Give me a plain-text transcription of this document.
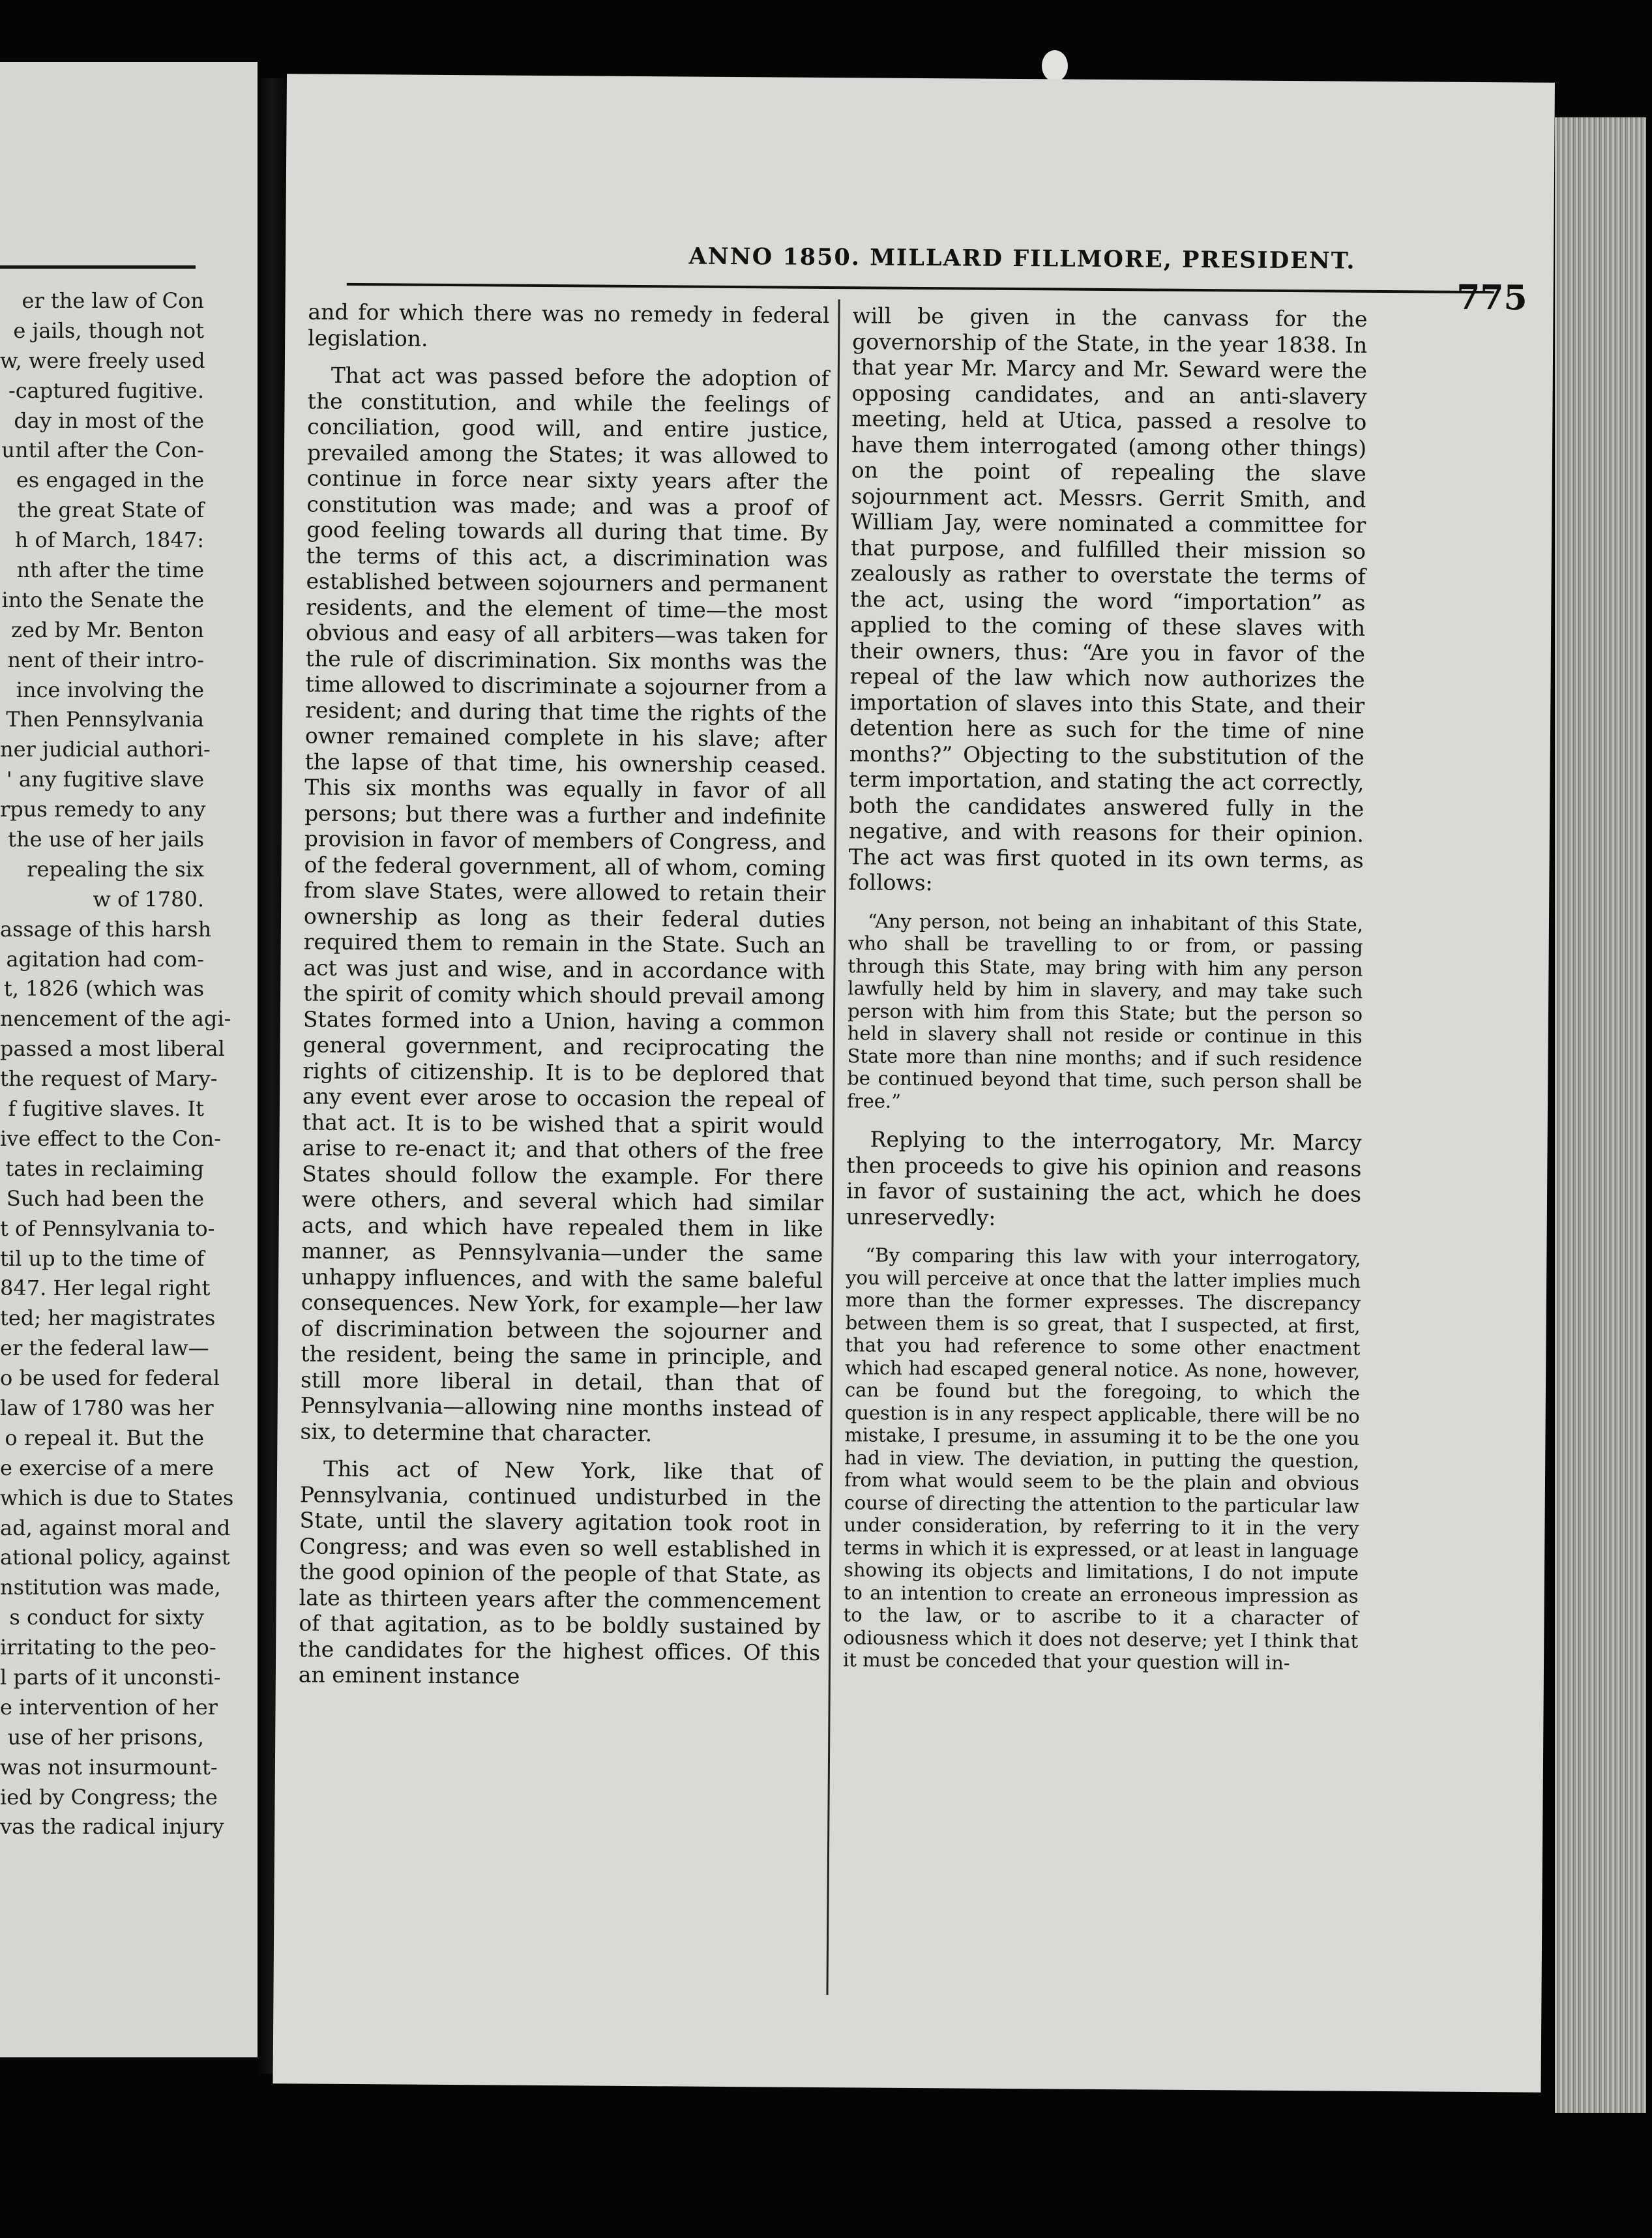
er the law of Con
e jails, though not
w, were freely used
-captured fugitive.
day in most of the
until after the Con-
es engaged in the
the great State of
h of March, 1847:
nth after the time
into the Senate the
zed by Mr. Benton
nent of their intro-
ince involving the
Then Pennsylvania
ner judicial authori-
' any fugitive slave
rpus remedy to any
the use of her jails
repealing the six
w of 1780.
assage of this harsh
agitation had com-
t, 1826 (which was
nencement of the agi-
passed a most liberal
the request of Mary-
f fugitive slaves. It
ive effect to the Con-
tates in reclaiming
Such had been the
t of Pennsylvania to-
til up to the time of
847. Her legal right
ted; her magistrates
er the federal law—
o be used for federal
law of 1780 was her
o repeal it. But the
e exercise of a mere
which is due to States
ad, against moral and
ational policy, against
nstitution was made,
s conduct for sixty
irritating to the peo-
l parts of it unconsti-
e intervention of her
use of her prisons,
was not insurmount-
ied by Congress; the
vas the radical injury
ANNO 1850. MILLARD FILLMORE, PRESIDENT.
775

and for which there was no remedy in federal legislation.

That act was passed before the adoption of the constitution, and while the feelings of conciliation, good will, and entire justice, prevailed among the States; it was allowed to continue in force near sixty years after the constitution was made; and was a proof of good feeling towards all during that time. By the terms of this act, a discrimination was established between sojourners and permanent residents, and the element of time—the most obvious and easy of all arbiters—was taken for the rule of discrimination. Six months was the time allowed to discriminate a sojourner from a resident; and during that time the rights of the owner remained complete in his slave; after the lapse of that time, his ownership ceased. This six months was equally in favor of all persons; but there was a further and indefinite provision in favor of members of Congress, and of the federal government, all of whom, coming from slave States, were allowed to retain their ownership as long as their federal duties required them to remain in the State. Such an act was just and wise, and in accordance with the spirit of comity which should prevail among States formed into a Union, having a common general government, and reciprocating the rights of citizenship. It is to be deplored that any event ever arose to occasion the repeal of that act. It is to be wished that a spirit would arise to re-enact it; and that others of the free States should follow the example. For there were others, and several which had similar acts, and which have repealed them in like manner, as Pennsylvania—under the same unhappy influences, and with the same baleful consequences. New York, for example—her law of discrimination between the sojourner and the resident, being the same in principle, and still more liberal in detail, than that of Pennsylvania—allowing nine months instead of six, to determine that character.

This act of New York, like that of Pennsylvania, continued undisturbed in the State, until the slavery agitation took root in Congress; and was even so well established in the good opinion of the people of that State, as late as thirteen years after the commencement of that agitation, as to be boldly sustained by the candidates for the highest offices. Of this an eminent instance

will be given in the canvass for the governorship of the State, in the year 1838. In that year Mr. Marcy and Mr. Seward were the opposing candidates, and an anti-slavery meeting, held at Utica, passed a resolve to have them interrogated (among other things) on the point of repealing the slave sojournment act. Messrs. Gerrit Smith, and William Jay, were nominated a committee for that purpose, and fulfilled their mission so zealously as rather to overstate the terms of the act, using the word “importation” as applied to the coming of these slaves with their owners, thus: “Are you in favor of the repeal of the law which now authorizes the importation of slaves into this State, and their detention here as such for the time of nine months?” Objecting to the substitution of the term importation, and stating the act correctly, both the candidates answered fully in the negative, and with reasons for their opinion. The act was first quoted in its own terms, as follows:

“Any person, not being an inhabitant of this State, who shall be travelling to or from, or passing through this State, may bring with him any person lawfully held by him in slavery, and may take such person with him from this State; but the person so held in slavery shall not reside or continue in this State more than nine months; and if such residence be continued beyond that time, such person shall be free.”

Replying to the interrogatory, Mr. Marcy then proceeds to give his opinion and reasons in favor of sustaining the act, which he does unreservedly:

“By comparing this law with your interrogatory, you will perceive at once that the latter implies much more than the former expresses. The discrepancy between them is so great, that I suspected, at first, that you had reference to some other enactment which had escaped general notice. As none, however, can be found but the foregoing, to which the question is in any respect applicable, there will be no mistake, I presume, in assuming it to be the one you had in view. The deviation, in putting the question, from what would seem to be the plain and obvious course of directing the attention to the particular law under consideration, by referring to it in the very terms in which it is expressed, or at least in language showing its objects and limitations, I do not impute to an intention to create an erroneous impression as to the law, or to ascribe to it a character of odiousness which it does not deserve; yet I think that it must be conceded that your question will in-
